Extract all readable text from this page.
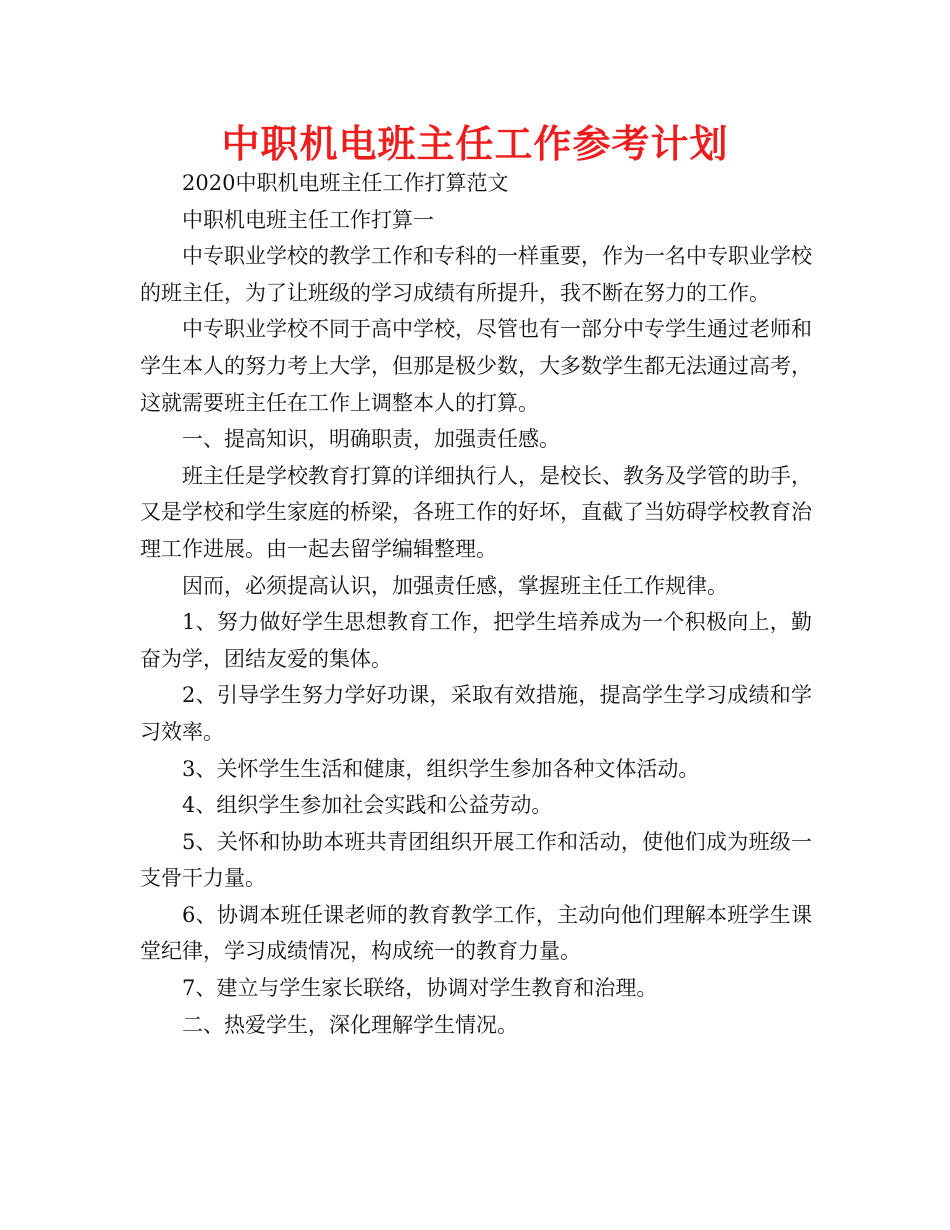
中职机电班主任工作参考计划

2020中职机电班主任工作打算范文

中职机电班主任工作打算一

中专职业学校的教学工作和专科的一样重要，作为一名中专职业学校的班主任，为了让班级的学习成绩有所提升，我不断在努力的工作。

中专职业学校不同于高中学校，尽管也有一部分中专学生通过老师和学生本人的努力考上大学，但那是极少数，大多数学生都无法通过高考，这就需要班主任在工作上调整本人的打算。

一、提高知识，明确职责，加强责任感。

班主任是学校教育打算的详细执行人，是校长、教务及学管的助手，又是学校和学生家庭的桥梁，各班工作的好坏，直截了当妨碍学校教育治理工作进展。由一起去留学编辑整理。

因而，必须提高认识，加强责任感，掌握班主任工作规律。

1、努力做好学生思想教育工作，把学生培养成为一个积极向上，勤奋为学，团结友爱的集体。

2、引导学生努力学好功课，采取有效措施，提高学生学习成绩和学习效率。

3、关怀学生生活和健康，组织学生参加各种文体活动。

4、组织学生参加社会实践和公益劳动。

5、关怀和协助本班共青团组织开展工作和活动，使他们成为班级一支骨干力量。

6、协调本班任课老师的教育教学工作，主动向他们理解本班学生课堂纪律，学习成绩情况，构成统一的教育力量。

7、建立与学生家长联络，协调对学生教育和治理。

二、热爱学生，深化理解学生情况。
